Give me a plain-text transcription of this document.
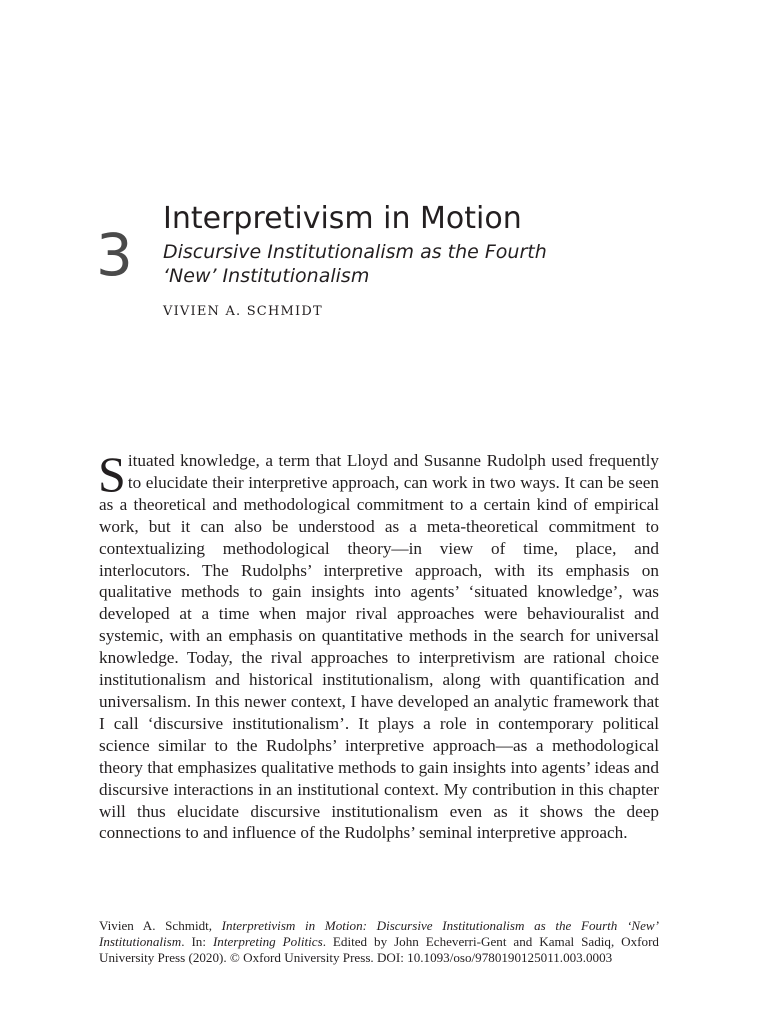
3
Interpretivism in Motion
Discursive Institutionalism as the Fourth
‘New’ Institutionalism
VIVIEN A. SCHMIDT

Situated knowledge, a term that Lloyd and Susanne Rudolph used frequently to elucidate their interpretive approach, can work in two ways. It can be seen as a theoretical and methodological commitment to a certain kind of empirical work, but it can also be understood as a meta-theoretical commitment to contextualizing methodological theory—in view of time, place, and interlocutors. The Rudolphs’ interpretive approach, with its emphasis on qualitative methods to gain insights into agents’ ‘situated knowledge’, was developed at a time when major rival approaches were behaviouralist and systemic, with an emphasis on quantitative methods in the search for universal knowledge. Today, the rival approaches to interpretivism are rational choice institutionalism and historical institutionalism, along with quantification and universalism. In this newer context, I have developed an analytic framework that I call ‘discursive institutionalism’. It plays a role in contemporary political science similar to the Rudolphs’ interpretive approach—as a methodological theory that emphasizes qualitative methods to gain insights into agents’ ideas and discursive interactions in an institutional context. My contribution in this chapter will thus elucidate discursive institutionalism even as it shows the deep connections to and influence of the Rudolphs’ seminal interpretive approach.

Vivien A. Schmidt, Interpretivism in Motion: Discursive Institutionalism as the Fourth ‘New’ Institutionalism. In: Interpreting Politics. Edited by John Echeverri-Gent and Kamal Sadiq, Oxford University Press (2020). © Oxford University Press. DOI: 10.1093/oso/9780190125011.003.0003
